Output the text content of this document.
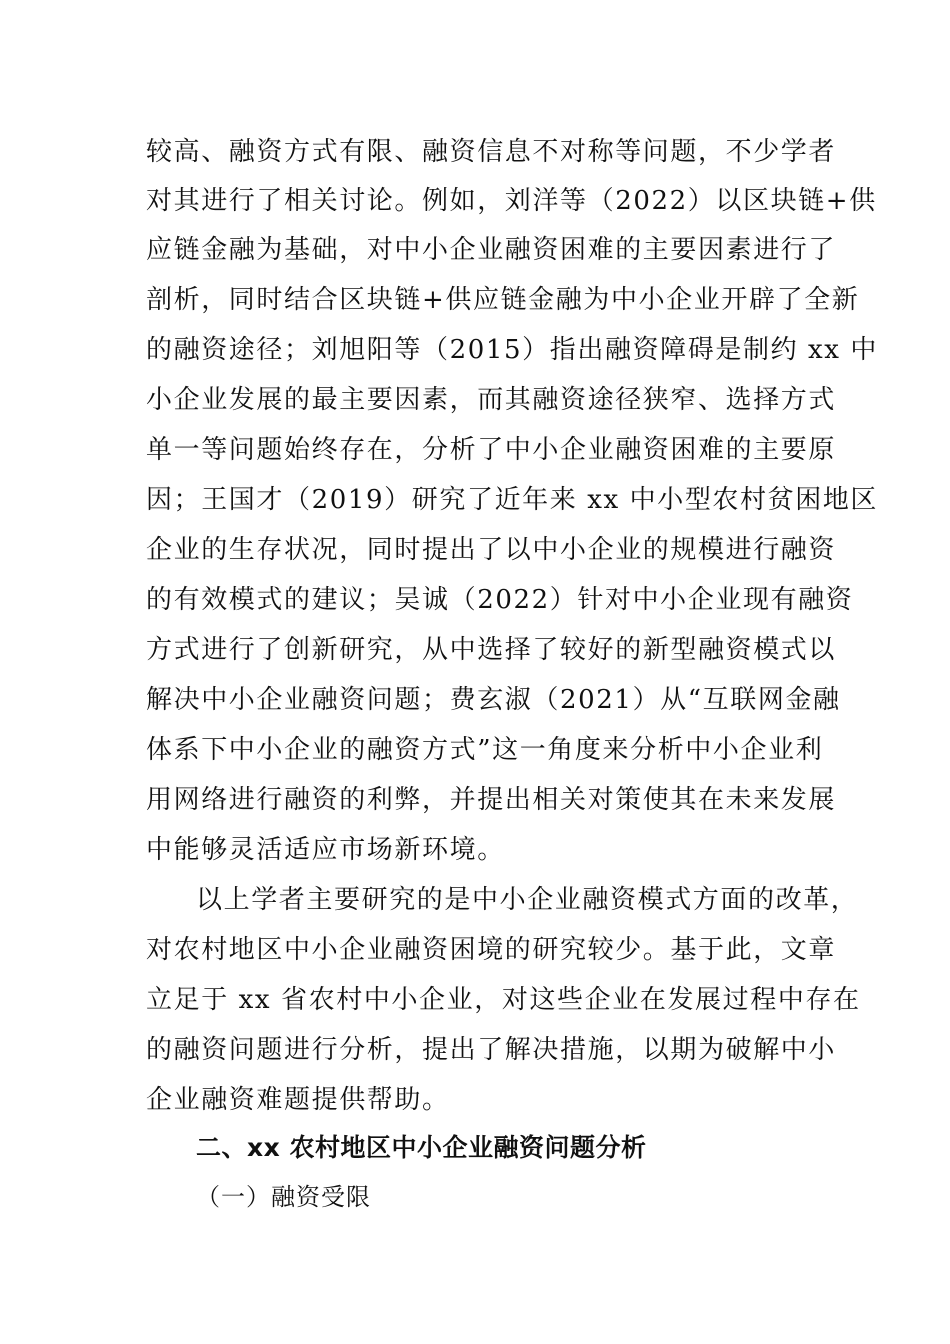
较高、融资方式有限、融资信息不对称等问题，不少学者
对其进行了相关讨论。例如，刘洋等（2022）以区块链+供
应链金融为基础，对中小企业融资困难的主要因素进行了
剖析，同时结合区块链+供应链金融为中小企业开辟了全新
的融资途径；刘旭阳等（2015）指出融资障碍是制约 xx 中
小企业发展的最主要因素，而其融资途径狭窄、选择方式
单一等问题始终存在，分析了中小企业融资困难的主要原
因；王国才（2019）研究了近年来 xx 中小型农村贫困地区
企业的生存状况，同时提出了以中小企业的规模进行融资
的有效模式的建议；吴诚（2022）针对中小企业现有融资
方式进行了创新研究，从中选择了较好的新型融资模式以
解决中小企业融资问题；费玄淑（2021）从“互联网金融
体系下中小企业的融资方式”这一角度来分析中小企业利
用网络进行融资的利弊，并提出相关对策使其在未来发展
中能够灵活适应市场新环境。
以上学者主要研究的是中小企业融资模式方面的改革，
对农村地区中小企业融资困境的研究较少。基于此，文章
立足于 xx 省农村中小企业，对这些企业在发展过程中存在
的融资问题进行分析，提出了解决措施，以期为破解中小
企业融资难题提供帮助。
二、xx 农村地区中小企业融资问题分析
（一）融资受限
